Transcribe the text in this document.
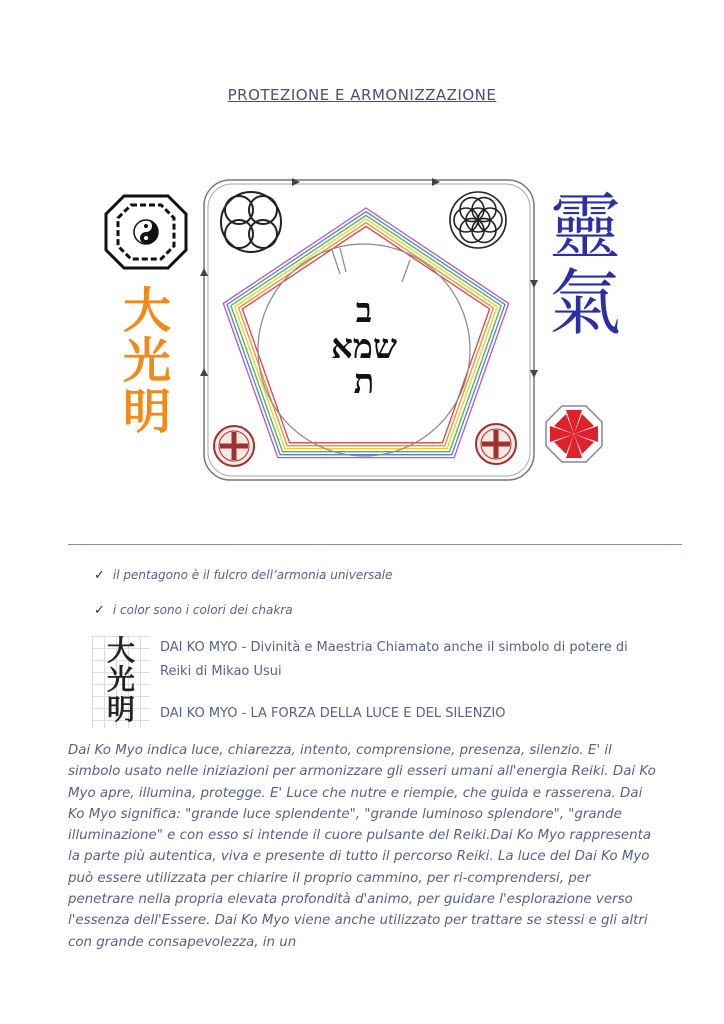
PROTEZIONE E ARMONIZZAZIONE
大
光
明
靈
氣
ב
שמא
ת
✓ il pentagono è il fulcro dell’armonia universale
✓ i color sono i colori dei chakra
大
光
明
DAI KO MYO - Divinità e Maestria Chiamato anche il simbolo di potere di Reiki di Mikao Usui
DAI KO MYO - LA FORZA DELLA LUCE E DEL SILENZIO
Dai Ko Myo indica luce, chiarezza, intento, comprensione, presenza, silenzio. E' il simbolo usato nelle iniziazioni per armonizzare gli esseri umani all'energia Reiki. Dai Ko Myo apre, illumina, protegge. E' Luce che nutre e riempie, che guida e rasserena. Dai Ko Myo significa: "grande luce splendente", "grande luminoso splendore", "grande illuminazione" e con esso si intende il cuore pulsante del Reiki.Dai Ko Myo rappresenta la parte più autentica, viva e presente di tutto il percorso Reiki. La luce del Dai Ko Myo può essere utilizzata per chiarire il proprio cammino, per ri-comprendersi, per penetrare nella propria elevata profondità d'animo, per guidare l'esplorazione verso l'essenza dell'Essere. Dai Ko Myo viene anche utilizzato per trattare se stessi e gli altri con grande consapevolezza, in un
